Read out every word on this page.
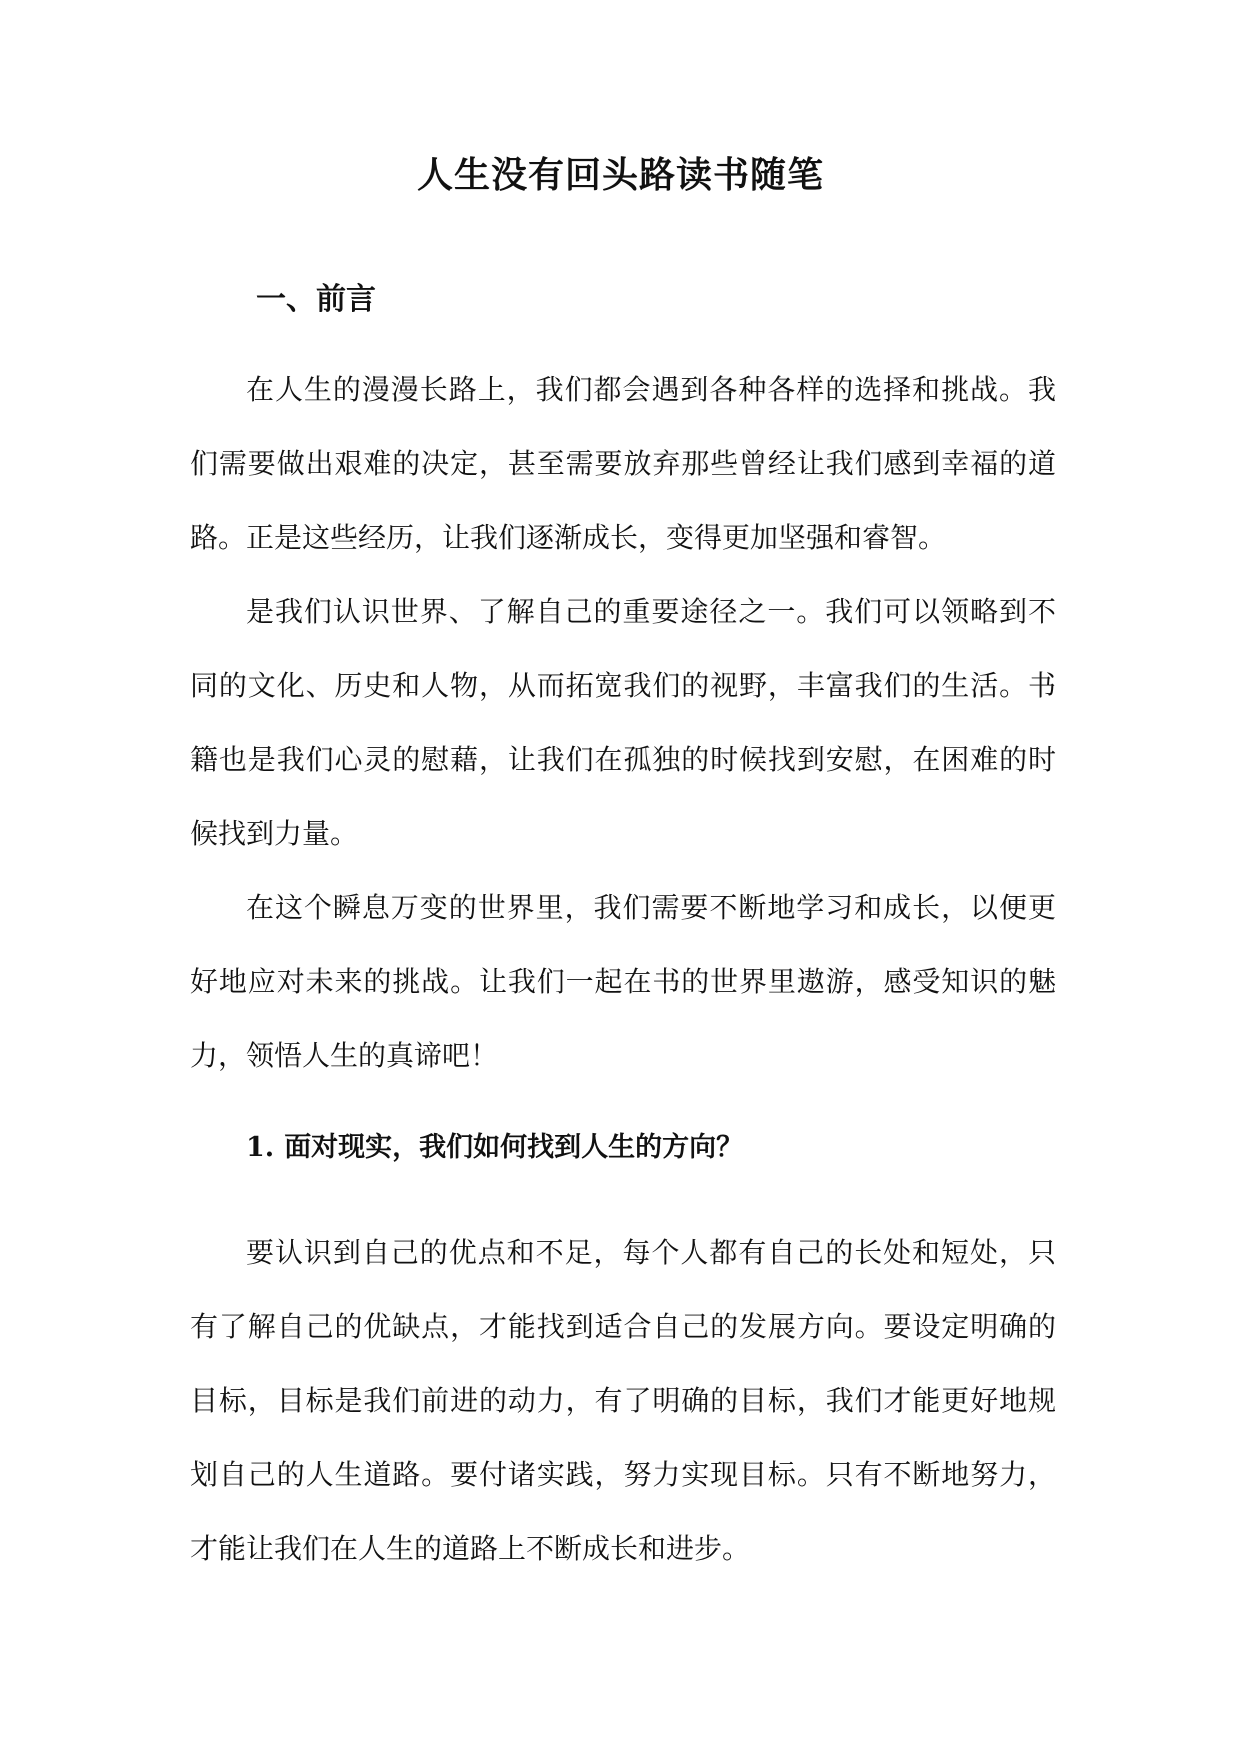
人生没有回头路读书随笔
一、前言

在人生的漫漫长路上，我们都会遇到各种各样的选择和挑战。我们需要做出艰难的决定，甚至需要放弃那些曾经让我们感到幸福的道路。正是这些经历，让我们逐渐成长，变得更加坚强和睿智。

是我们认识世界、了解自己的重要途径之一。我们可以领略到不同的文化、历史和人物，从而拓宽我们的视野，丰富我们的生活。书籍也是我们心灵的慰藉，让我们在孤独的时候找到安慰，在困难的时候找到力量。

在这个瞬息万变的世界里，我们需要不断地学习和成长，以便更好地应对未来的挑战。让我们一起在书的世界里遨游，感受知识的魅力，领悟人生的真谛吧！

1. 面对现实，我们如何找到人生的方向？

要认识到自己的优点和不足，每个人都有自己的长处和短处，只有了解自己的优缺点，才能找到适合自己的发展方向。要设定明确的目标，目标是我们前进的动力，有了明确的目标，我们才能更好地规划自己的人生道路。要付诸实践，努力实现目标。只有不断地努力，才能让我们在人生的道路上不断成长和进步。
